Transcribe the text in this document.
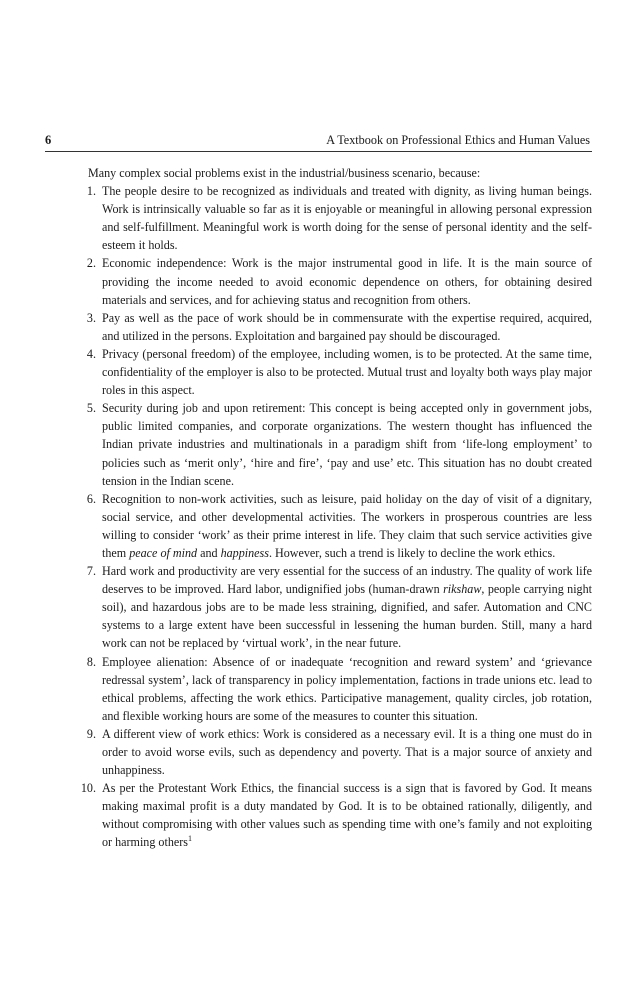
6	A Textbook on Professional Ethics and Human Values

Many complex social problems exist in the industrial/business scenario, because:

1. The people desire to be recognized as individuals and treated with dignity, as living human beings. Work is intrinsically valuable so far as it is enjoyable or meaningful in allowing personal expression and self-fulfillment. Meaningful work is worth doing for the sense of personal identity and the self-esteem it holds.
2. Economic independence: Work is the major instrumental good in life. It is the main source of providing the income needed to avoid economic dependence on others, for obtaining desired materials and services, and for achieving status and recognition from others.
3. Pay as well as the pace of work should be in commensurate with the expertise required, acquired, and utilized in the persons. Exploitation and bargained pay should be discouraged.
4. Privacy (personal freedom) of the employee, including women, is to be protected. At the same time, confidentiality of the employer is also to be protected. Mutual trust and loyalty both ways play major roles in this aspect.
5. Security during job and upon retirement: This concept is being accepted only in government jobs, public limited companies, and corporate organizations. The western thought has influenced the Indian private industries and multinationals in a paradigm shift from ‘life-long employment’ to policies such as ‘merit only’, ‘hire and fire’, ‘pay and use’ etc. This situation has no doubt created tension in the Indian scene.
6. Recognition to non-work activities, such as leisure, paid holiday on the day of visit of a dignitary, social service, and other developmental activities. The workers in prosperous countries are less willing to consider ‘work’ as their prime interest in life. They claim that such service activities give them peace of mind and happiness. However, such a trend is likely to decline the work ethics.
7. Hard work and productivity are very essential for the success of an industry. The quality of work life deserves to be improved. Hard labor, undignified jobs (human-drawn rikshaw, people carrying night soil), and hazardous jobs are to be made less straining, dignified, and safer. Automation and CNC systems to a large extent have been successful in lessening the human burden. Still, many a hard work can not be replaced by ‘virtual work’, in the near future.
8. Employee alienation: Absence of or inadequate ‘recognition and reward system’ and ‘grievance redressal system’, lack of transparency in policy implementation, factions in trade unions etc. lead to ethical problems, affecting the work ethics. Participative management, quality circles, job rotation, and flexible working hours are some of the measures to counter this situation.
9. A different view of work ethics: Work is considered as a necessary evil. It is a thing one must do in order to avoid worse evils, such as dependency and poverty. That is a major source of anxiety and unhappiness.
10. As per the Protestant Work Ethics, the financial success is a sign that is favored by God. It means making maximal profit is a duty mandated by God. It is to be obtained rationally, diligently, and without compromising with other values such as spending time with one’s family and not exploiting or harming others$^1$
